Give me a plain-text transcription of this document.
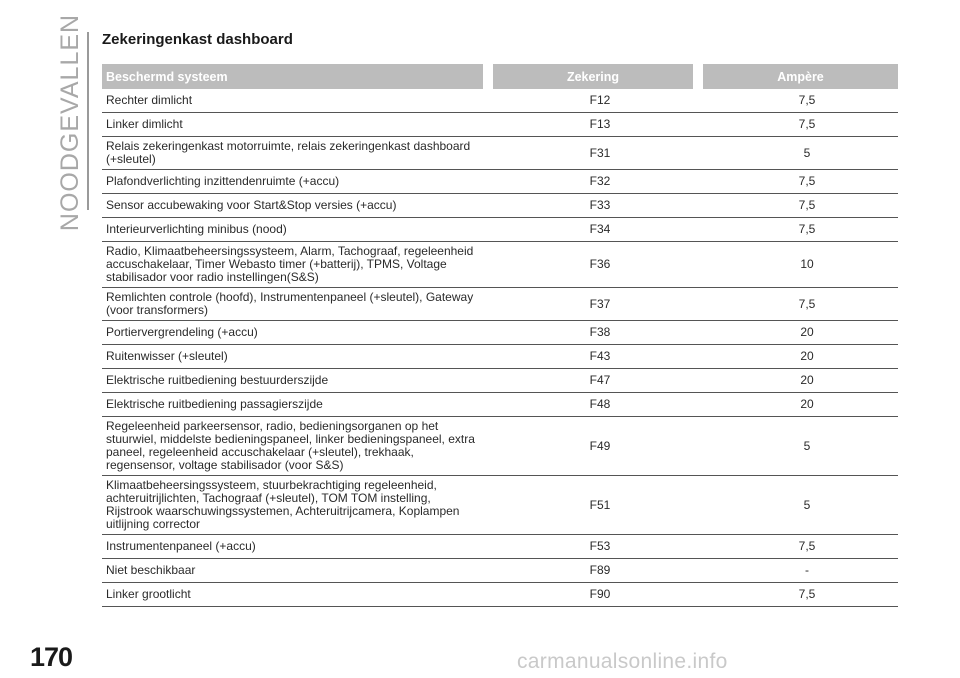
NOODGEVALLEN Zekeringenkast dashboard
Beschermd systeem	Zekering	Ampère
Rechter dimlicht	F12	7,5
Linker dimlicht	F13	7,5
Relais zekeringenkast motorruimte, relais zekeringenkast dashboard (+sleutel)	F31	5
Plafondverlichting inzittendenruimte (+accu)	F32	7,5
Sensor accubewaking voor Start&Stop versies (+accu)	F33	7,5
Interieurverlichting minibus (nood)	F34	7,5
Radio, Klimaatbeheersingssysteem, Alarm, Tachograaf, regeleenheid accuschakelaar, Timer Webasto timer (+batterij), TPMS, Voltage stabilisador voor radio instellingen(S&S)	F36	10
Remlichten controle (hoofd), Instrumentenpaneel (+sleutel), Gateway (voor transformers)	F37	7,5
Portiervergrendeling (+accu)	F38	20
Ruitenwisser (+sleutel)	F43	20
Elektrische ruitbediening bestuurderszijde	F47	20
Elektrische ruitbediening passagierszijde	F48	20
Regeleenheid parkeersensor, radio, bedieningsorganen op het stuurwiel, middelste bedieningspaneel, linker bedieningspaneel, extra paneel, regeleenheid accuschakelaar (+sleutel), trekhaak, regensensor, voltage stabilisador (voor S&S)	F49	5
Klimaatbeheersingssysteem, stuurbekrachtiging regeleenheid, achteruitrijlichten, Tachograaf (+sleutel), TOM TOM instelling, Rijstrook waarschuwingssystemen, Achteruitrijcamera, Koplampen uitlijning corrector	F51	5
Instrumentenpaneel (+accu)	F53	7,5
Niet beschikbaar	F89	-
Linker grootlicht	F90	7,5
170	carmanualsonline.info
